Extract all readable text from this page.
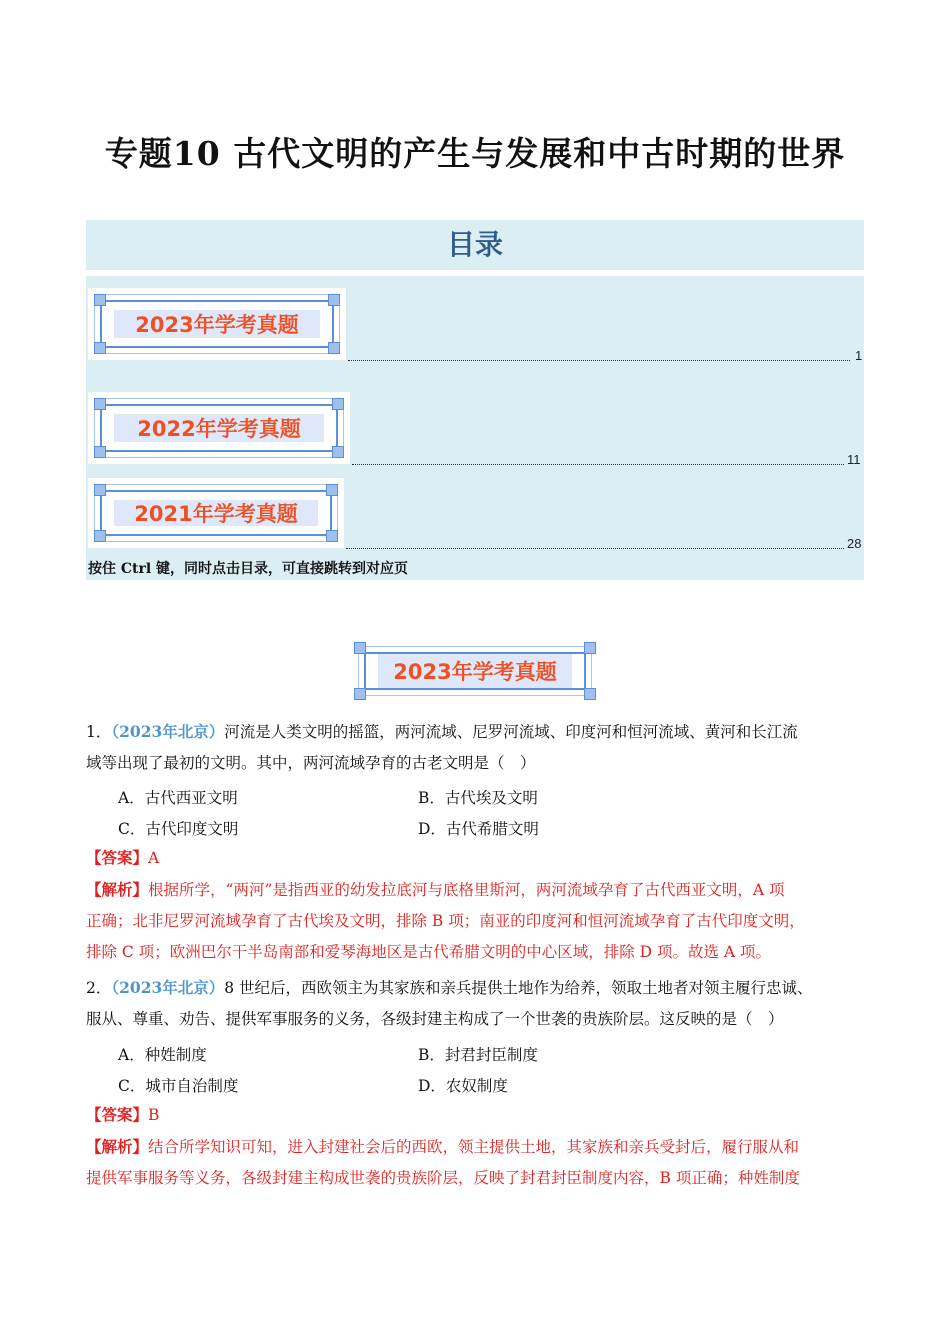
专题10 古代文明的产生与发展和中古时期的世界
目录
2023年学考真题
1
2022年学考真题
11
2021年学考真题
28
按住 Ctrl 键，同时点击目录，可直接跳转到对应页
2023年学考真题
1．（2023年北京）河流是人类文明的摇篮，两河流域、尼罗河流域、印度河和恒河流域、黄河和长江流
域等出现了最初的文明。其中，两河流域孕育的古老文明是（　）
A．古代西亚文明	B．古代埃及文明
C．古代印度文明	D．古代希腊文明
【答案】A
【解析】根据所学，“两河”是指西亚的幼发拉底河与底格里斯河，两河流域孕育了古代西亚文明，A 项
正确；北非尼罗河流域孕育了古代埃及文明，排除 B 项；南亚的印度河和恒河流域孕育了古代印度文明，
排除 C 项；欧洲巴尔干半岛南部和爱琴海地区是古代希腊文明的中心区域，排除 D 项。故选 A 项。
2．（2023年北京）8 世纪后，西欧领主为其家族和亲兵提供土地作为给养，领取土地者对领主履行忠诚、
服从、尊重、劝告、提供军事服务的义务，各级封建主构成了一个世袭的贵族阶层。这反映的是（　）
A．种姓制度	B．封君封臣制度
C．城市自治制度	D．农奴制度
【答案】B
【解析】结合所学知识可知，进入封建社会后的西欧，领主提供土地，其家族和亲兵受封后，履行服从和
提供军事服务等义务，各级封建主构成世袭的贵族阶层，反映了封君封臣制度内容，B 项正确；种姓制度
